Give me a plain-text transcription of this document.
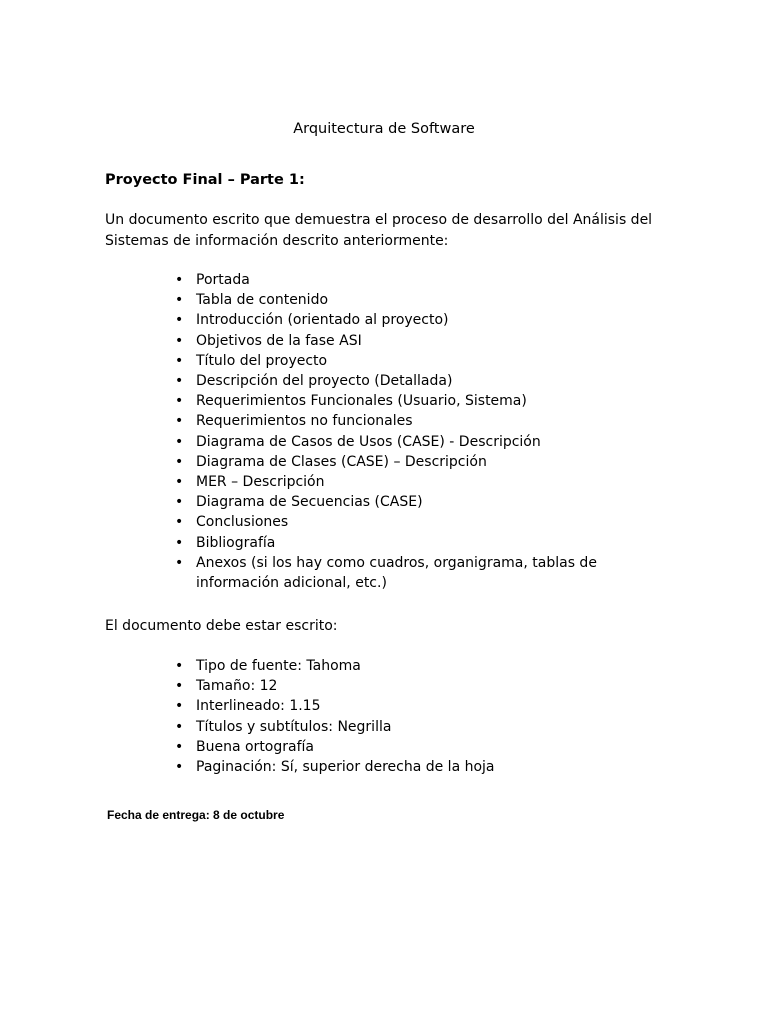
Arquitectura de Software
Proyecto Final – Parte 1:
Un documento escrito que demuestra el proceso de desarrollo del Análisis del Sistemas de información descrito anteriormente:
• Portada
• Tabla de contenido
• Introducción (orientado al proyecto)
• Objetivos de la fase ASI
• Título del proyecto
• Descripción del proyecto (Detallada)
• Requerimientos Funcionales (Usuario, Sistema)
• Requerimientos no funcionales
• Diagrama de Casos de Usos (CASE) - Descripción
• Diagrama de Clases (CASE) – Descripción
• MER – Descripción
• Diagrama de Secuencias (CASE)
• Conclusiones
• Bibliografía
• Anexos (si los hay como cuadros, organigrama, tablas de información adicional, etc.)
El documento debe estar escrito:
• Tipo de fuente: Tahoma
• Tamaño: 12
• Interlineado: 1.15
• Títulos y subtítulos: Negrilla
• Buena ortografía
• Paginación: Sí, superior derecha de la hoja
Fecha de entrega: 8 de octubre
